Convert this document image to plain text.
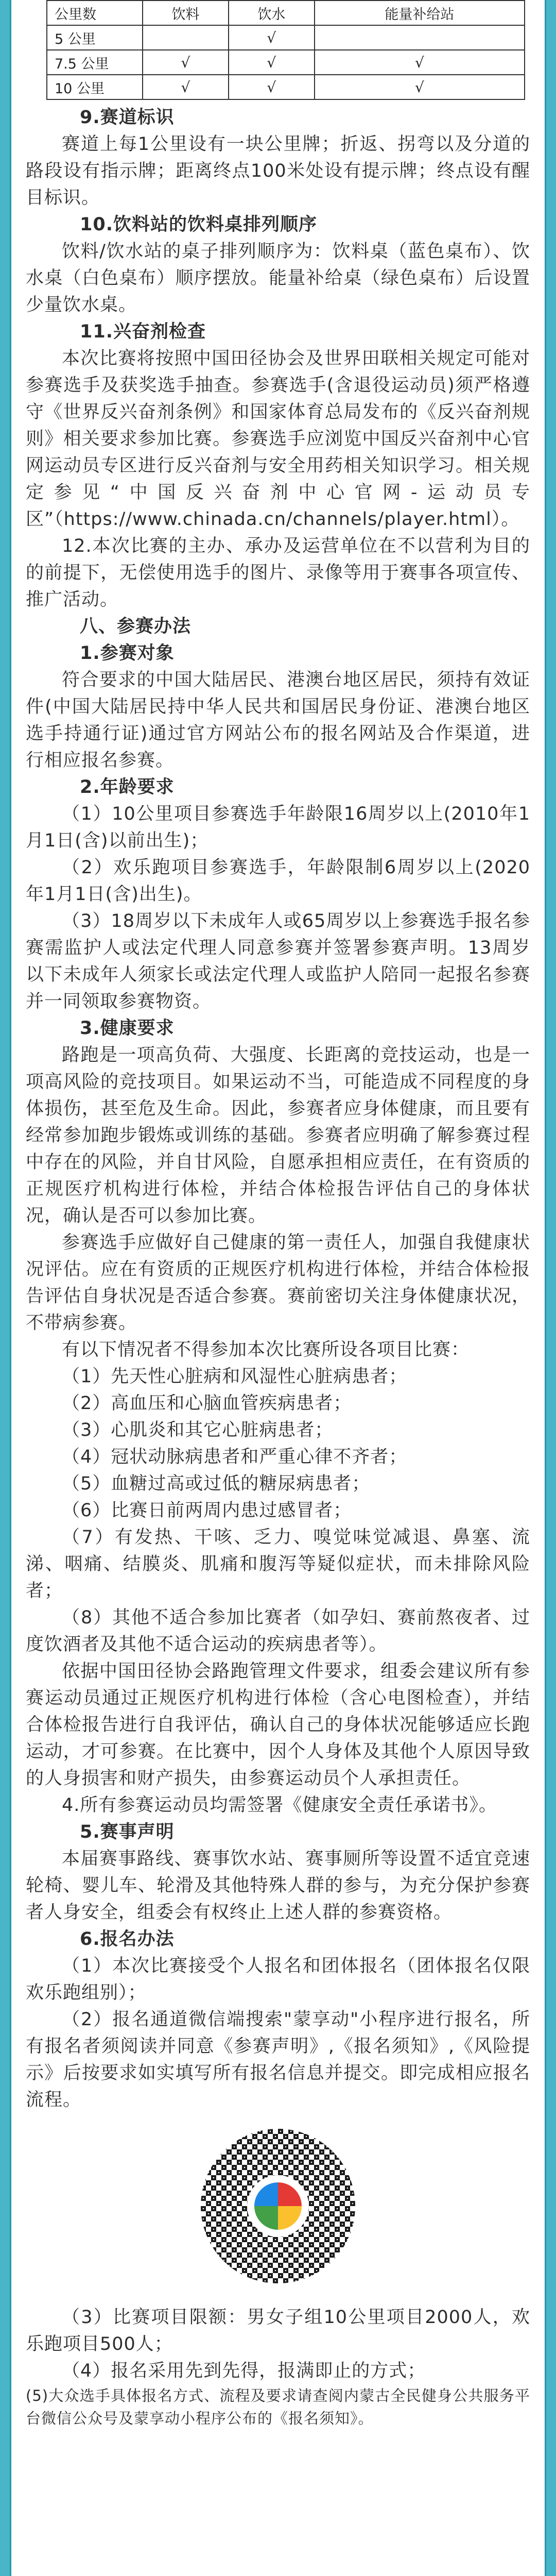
公里数	饮料	饮水	能量补给站
5 公里		√	
7.5 公里	√	√	√
10 公里	√	√	√

9.赛道标识

赛道上每1公里设有一块公里牌；折返、拐弯以及分道的路段设有指示牌；距离终点100米处设有提示牌；终点设有醒目标识。

10.饮料站的饮料桌排列顺序

饮料/饮水站的桌子排列顺序为：饮料桌（蓝色桌布）、饮水桌（白色桌布）顺序摆放。能量补给桌（绿色桌布）后设置少量饮水桌。

11.兴奋剂检查

本次比赛将按照中国田径协会及世界田联相关规定可能对参赛选手及获奖选手抽查。参赛选手(含退役运动员)须严格遵守《世界反兴奋剂条例》和国家体育总局发布的《反兴奋剂规则》相关要求参加比赛。参赛选手应浏览中国反兴奋剂中心官网运动员专区进行反兴奋剂与安全用药相关知识学习。相关规定参见“中国反兴奋剂中心官网-运动员专区”（https://www.chinada.cn/channels/player.html）。

12.本次比赛的主办、承办及运营单位在不以营利为目的的前提下，无偿使用选手的图片、录像等用于赛事各项宣传、推广活动。

八、参赛办法

1.参赛对象

符合要求的中国大陆居民、港澳台地区居民，须持有效证件(中国大陆居民持中华人民共和国居民身份证、港澳台地区选手持通行证)通过官方网站公布的报名网站及合作渠道，进行相应报名参赛。

2.年龄要求

（1）10公里项目参赛选手年龄限16周岁以上(2010年1月1日(含)以前出生)；

（2）欢乐跑项目参赛选手，年龄限制6周岁以上(2020年1月1日(含)出生)。

（3）18周岁以下未成年人或65周岁以上参赛选手报名参赛需监护人或法定代理人同意参赛并签署参赛声明。13周岁以下未成年人须家长或法定代理人或监护人陪同一起报名参赛并一同领取参赛物资。

3.健康要求

路跑是一项高负荷、大强度、长距离的竞技运动，也是一项高风险的竞技项目。如果运动不当，可能造成不同程度的身体损伤，甚至危及生命。因此，参赛者应身体健康，而且要有经常参加跑步锻炼或训练的基础。参赛者应明确了解参赛过程中存在的风险，并自甘风险，自愿承担相应责任，在有资质的正规医疗机构进行体检，并结合体检报告评估自己的身体状况，确认是否可以参加比赛。

参赛选手应做好自己健康的第一责任人，加强自我健康状况评估。应在有资质的正规医疗机构进行体检，并结合体检报告评估自身状况是否适合参赛。赛前密切关注身体健康状况，不带病参赛。

有以下情况者不得参加本次比赛所设各项目比赛：

（1）先天性心脏病和风湿性心脏病患者；

（2）高血压和心脑血管疾病患者；

（3）心肌炎和其它心脏病患者；

（4）冠状动脉病患者和严重心律不齐者；

（5）血糖过高或过低的糖尿病患者；

（6）比赛日前两周内患过感冒者；

（7）有发热、干咳、乏力、嗅觉味觉减退、鼻塞、流涕、咽痛、结膜炎、肌痛和腹泻等疑似症状，而未排除风险者；

（8）其他不适合参加比赛者（如孕妇、赛前熬夜者、过度饮酒者及其他不适合运动的疾病患者等）。

依据中国田径协会路跑管理文件要求，组委会建议所有参赛运动员通过正规医疗机构进行体检（含心电图检查），并结合体检报告进行自我评估，确认自己的身体状况能够适应长跑运动，才可参赛。在比赛中，因个人身体及其他个人原因导致的人身损害和财产损失，由参赛运动员个人承担责任。

4.所有参赛运动员均需签署《健康安全责任承诺书》。

5.赛事声明

本届赛事路线、赛事饮水站、赛事厕所等设置不适宜竞速轮椅、婴儿车、轮滑及其他特殊人群的参与，为充分保护参赛者人身安全，组委会有权终止上述人群的参赛资格。

6.报名办法

（1）本次比赛接受个人报名和团体报名（团体报名仅限欢乐跑组别）；

（2）报名通道微信端搜索"蒙享动"小程序进行报名，所有报名者须阅读并同意《参赛声明》,《报名须知》,《风险提示》后按要求如实填写所有报名信息并提交。即完成相应报名流程。

（3）比赛项目限额：男女子组10公里项目2000人，欢乐跑项目500人；

（4）报名采用先到先得，报满即止的方式；

(5)大众选手具体报名方式、流程及要求请查阅内蒙古全民健身公共服务平台微信公众号及蒙享动小程序公布的《报名须知》。
